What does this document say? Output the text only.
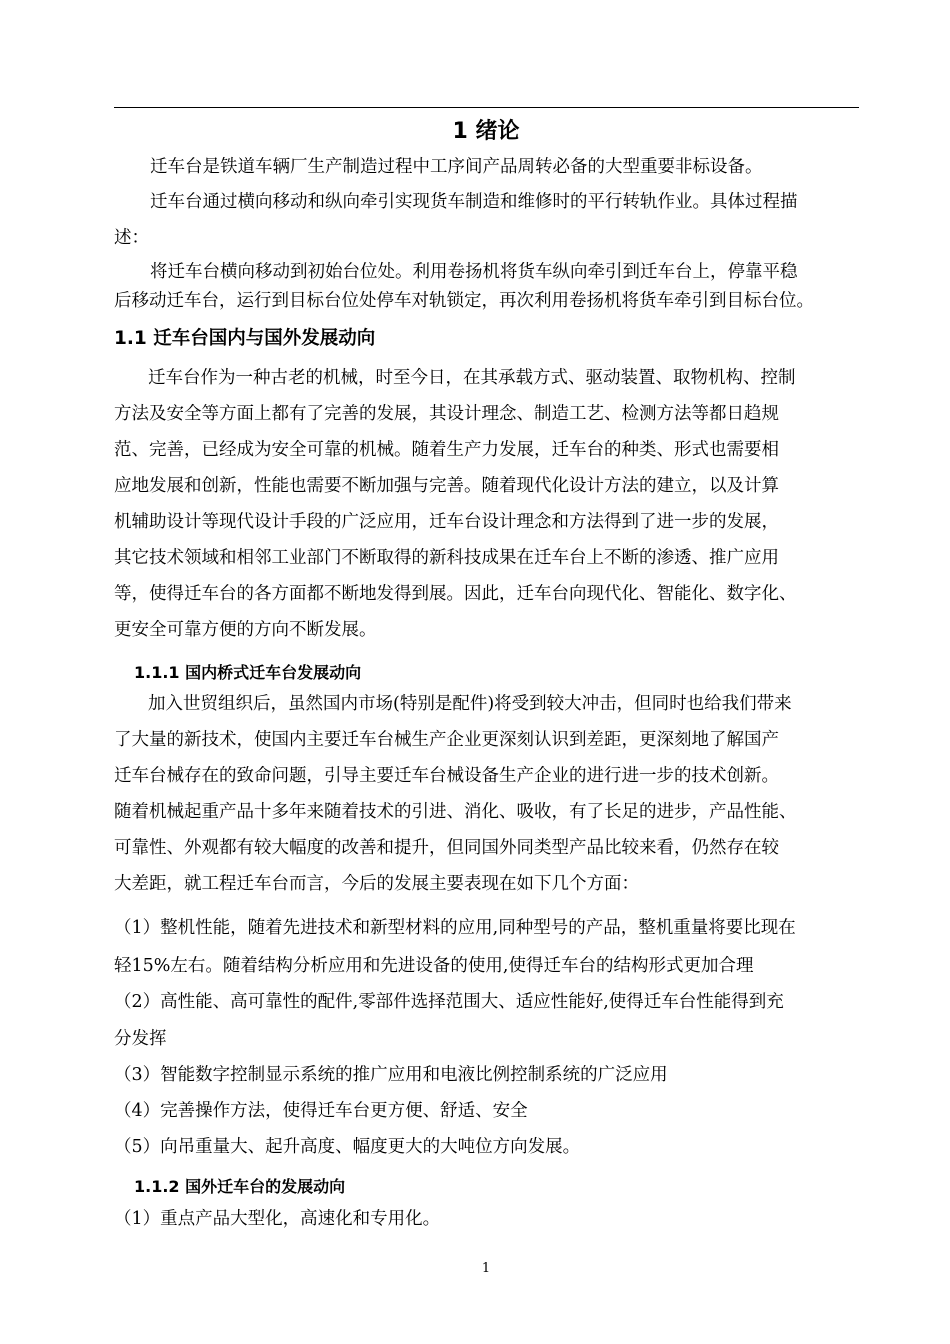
1 绪论
迁车台是铁道车辆厂生产制造过程中工序间产品周转必备的大型重要非标设备。
迁车台通过横向移动和纵向牵引实现货车制造和维修时的平行转轨作业。具体过程描
述：
将迁车台横向移动到初始台位处。利用卷扬机将货车纵向牵引到迁车台上，停靠平稳
后移动迁车台，运行到目标台位处停车对轨锁定，再次利用卷扬机将货车牵引到目标台位。
1.1 迁车台国内与国外发展动向
迁车台作为一种古老的机械，时至今日，在其承载方式、驱动装置、取物机构、控制
方法及安全等方面上都有了完善的发展，其设计理念、制造工艺、检测方法等都日趋规
范、完善，已经成为安全可靠的机械。随着生产力发展，迁车台的种类、形式也需要相
应地发展和创新，性能也需要不断加强与完善。随着现代化设计方法的建立，以及计算
机辅助设计等现代设计手段的广泛应用，迁车台设计理念和方法得到了进一步的发展，
其它技术领域和相邻工业部门不断取得的新科技成果在迁车台上不断的渗透、推广应用
等，使得迁车台的各方面都不断地发得到展。因此，迁车台向现代化、智能化、数字化、
更安全可靠方便的方向不断发展。
1.1.1 国内桥式迁车台发展动向
加入世贸组织后，虽然国内市场(特别是配件)将受到较大冲击，但同时也给我们带来
了大量的新技术，使国内主要迁车台械生产企业更深刻认识到差距，更深刻地了解国产
迁车台械存在的致命问题，引导主要迁车台械设备生产企业的进行进一步的技术创新。
随着机械起重产品十多年来随着技术的引进、消化、吸收，有了长足的进步，产品性能、
可靠性、外观都有较大幅度的改善和提升，但同国外同类型产品比较来看，仍然存在较
大差距，就工程迁车台而言，今后的发展主要表现在如下几个方面：
（1）整机性能，随着先进技术和新型材料的应用,同种型号的产品，整机重量将要比现在
轻15%左右。随着结构分析应用和先进设备的使用,使得迁车台的结构形式更加合理
（2）高性能、高可靠性的配件,零部件选择范围大、适应性能好,使得迁车台性能得到充
分发挥
（3）智能数字控制显示系统的推广应用和电液比例控制系统的广泛应用
（4）完善操作方法，使得迁车台更方便、舒适、安全
（5）向吊重量大、起升高度、幅度更大的大吨位方向发展。
1.1.2 国外迁车台的发展动向
（1）重点产品大型化，高速化和专用化。
1
